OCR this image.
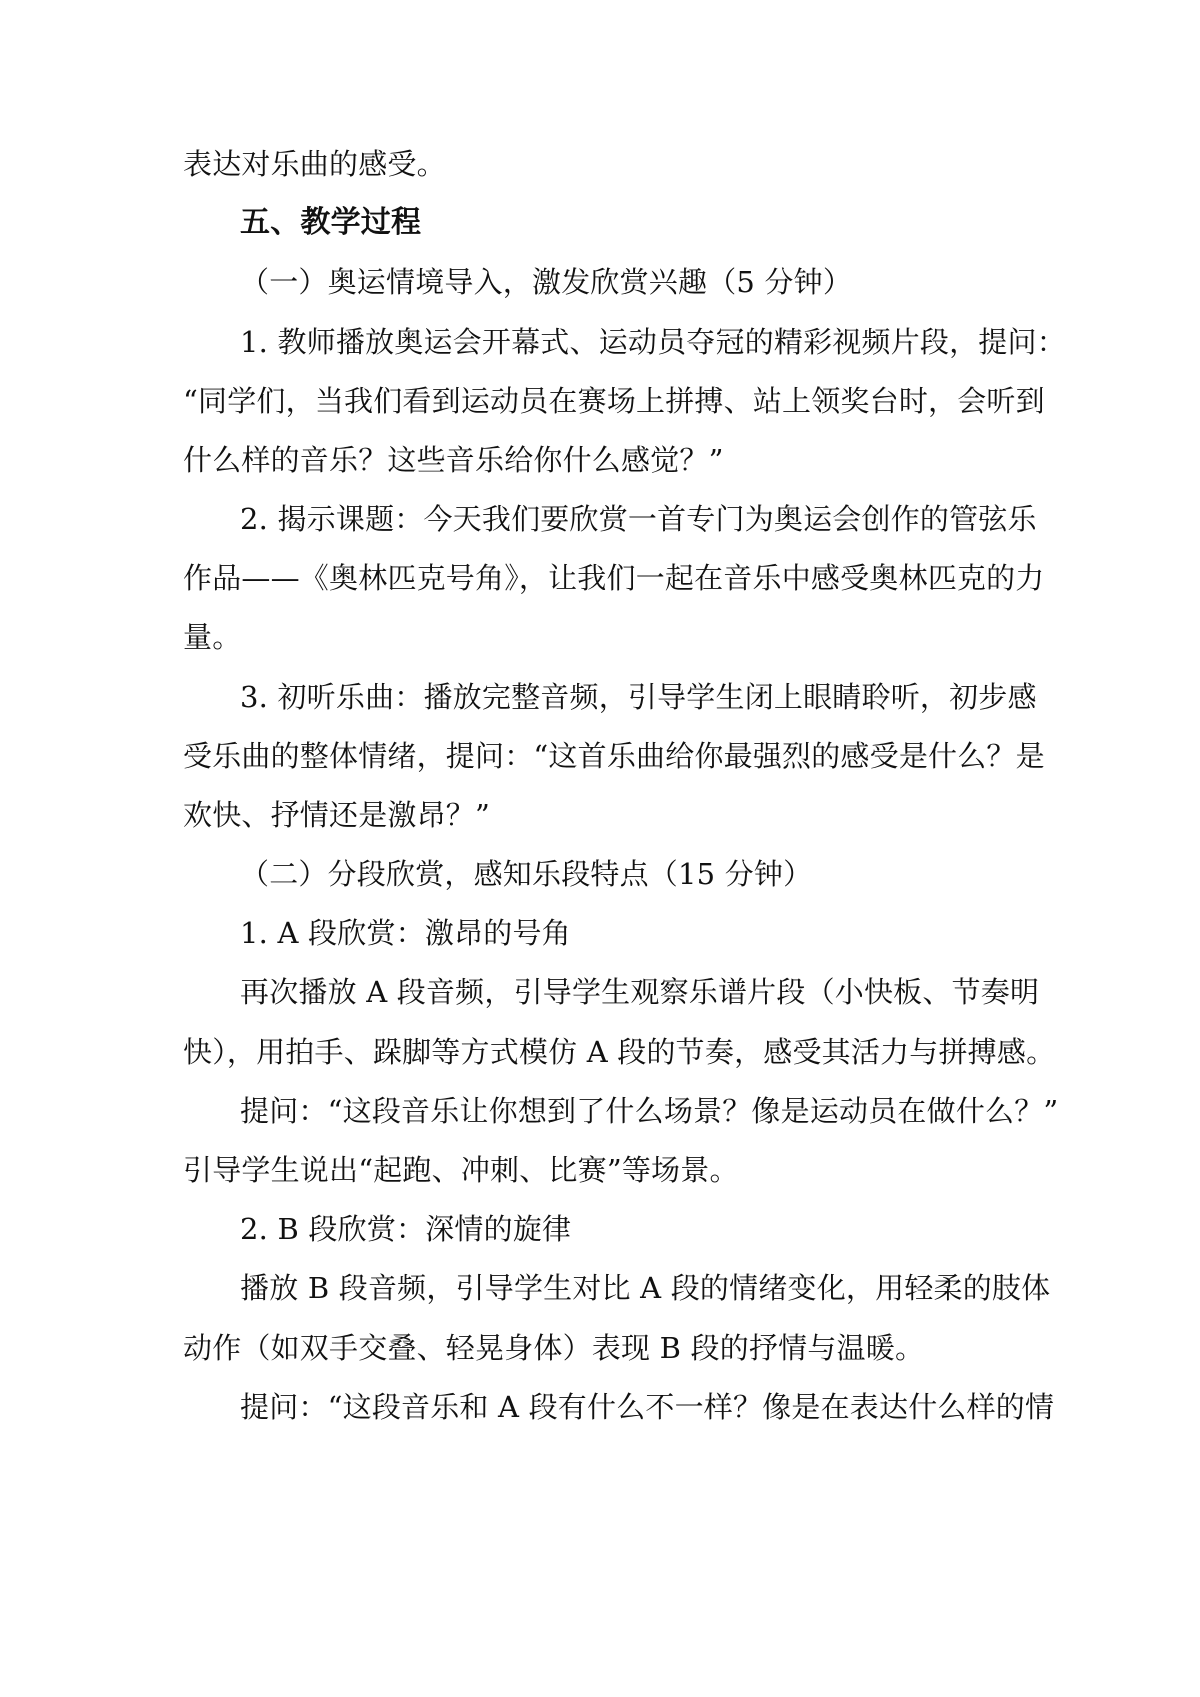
表达对乐曲的感受。
五、教学过程
（一）奥运情境导入，激发欣赏兴趣（5 分钟）
1. 教师播放奥运会开幕式、运动员夺冠的精彩视频片段，提问：
“同学们，当我们看到运动员在赛场上拼搏、站上领奖台时，会听到
什么样的音乐？这些音乐给你什么感觉？”
2. 揭示课题：今天我们要欣赏一首专门为奥运会创作的管弦乐
作品——《奥林匹克号角》，让我们一起在音乐中感受奥林匹克的力
量。
3. 初听乐曲：播放完整音频，引导学生闭上眼睛聆听，初步感
受乐曲的整体情绪，提问：“这首乐曲给你最强烈的感受是什么？是
欢快、抒情还是激昂？”
（二）分段欣赏，感知乐段特点（15 分钟）
1. A 段欣赏：激昂的号角
再次播放 A 段音频，引导学生观察乐谱片段（小快板、节奏明
快），用拍手、跺脚等方式模仿 A 段的节奏，感受其活力与拼搏感。
提问：“这段音乐让你想到了什么场景？像是运动员在做什么？”
引导学生说出“起跑、冲刺、比赛”等场景。
2. B 段欣赏：深情的旋律
播放 B 段音频，引导学生对比 A 段的情绪变化，用轻柔的肢体
动作（如双手交叠、轻晃身体）表现 B 段的抒情与温暖。
提问：“这段音乐和 A 段有什么不一样？像是在表达什么样的情
